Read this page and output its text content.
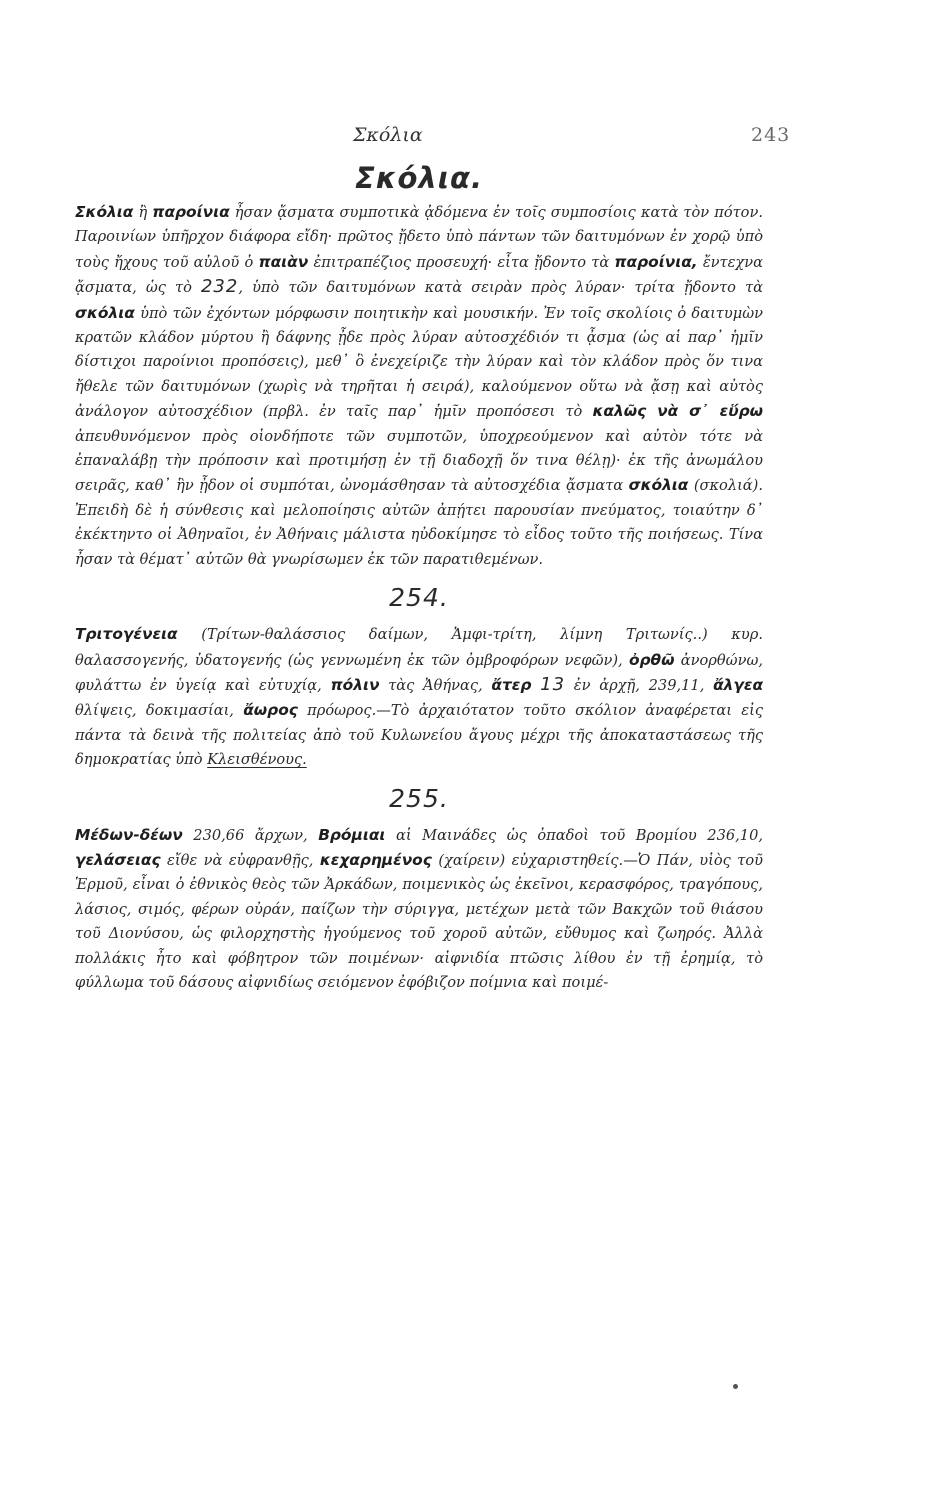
Σκόλια	243
Σκόλια.

Σκόλια ἢ παροίνια ἦσαν ᾄσματα συμποτικὰ ᾀδόμενα ἐν τοῖς συμποσίοις κατὰ τὸν πότον. Παροινίων ὑπῆρχον διάφορα εἴδη· πρῶτος ᾔδετο ὑπὸ πάντων τῶν δαιτυμόνων ἐν χορῷ ὑπὸ τοὺς ἤχους τοῦ αὐλοῦ ὁ παιὰν ἐπιτραπέζιος προσευχή· εἶτα ᾔδοντο τὰ παροίνια, ἔντεχνα ᾄσματα, ὡς τὸ 232, ὑπὸ τῶν δαιτυμόνων κατὰ σειρὰν πρὸς λύραν· τρίτα ᾔδοντο τὰ σκόλια ὑπὸ τῶν ἐχόντων μόρφωσιν ποιητικὴν καὶ μουσικήν. Ἐν τοῖς σκολίοις ὁ δαιτυμὼν κρατῶν κλάδον μύρτου ἢ δάφνης ᾖδε πρὸς λύραν αὐτοσχέδιόν τι ᾆσμα (ὡς αἱ παρ᾽ ἡμῖν δίστιχοι παροίνιοι προπόσεις), μεθ᾽ ὃ ἐνεχείριζε τὴν λύραν καὶ τὸν κλάδον πρὸς ὅν τινα ἤθελε τῶν δαιτυμόνων (χωρὶς νὰ τηρῆται ἡ σειρά), καλούμενον οὕτω νὰ ᾄσῃ καὶ αὐτὸς ἀνάλογον αὐτοσχέδιον (πρβλ. ἐν ταῖς παρ᾽ ἡμῖν προπόσεσι τὸ καλῶς νὰ σ᾽ εὕρω ἀπευθυνόμενον πρὸς οἱονδήποτε τῶν συμποτῶν, ὑποχρεούμενον καὶ αὐτὸν τότε νὰ ἐπαναλάβῃ τὴν πρόποσιν καὶ προτιμήσῃ ἐν τῇ διαδοχῇ ὅν τινα θέλῃ)· ἐκ τῆς ἀνωμάλου σειρᾶς, καθ᾽ ἣν ᾖδον οἱ συμπόται, ὠνομάσθησαν τὰ αὐτοσχέδια ᾄσματα σκόλια (σκολιά). Ἐπειδὴ δὲ ἡ σύνθεσις καὶ μελοποίησις αὐτῶν ἀπῄτει παρουσίαν πνεύματος, τοιαύτην δ᾽ ἐκέκτηντο οἱ Ἀθηναῖοι, ἐν Ἀθήναις μάλιστα ηὐδοκίμησε τὸ εἶδος τοῦτο τῆς ποιήσεως. Τίνα ἦσαν τὰ θέματ᾽ αὐτῶν θὰ γνωρίσωμεν ἐκ τῶν παρατιθεμένων.

254.

Τριτογένεια (Τρίτων-θαλάσσιος δαίμων, Ἀμφι-τρίτη, λίμνη Τριτωνίς..) κυρ. θαλασσογενής, ὑδατογενής (ὡς γεννωμένη ἐκ τῶν ὀμβροφόρων νεφῶν), ὀρθῶ ἀνορθώνω, φυλάττω ἐν ὑγείᾳ καὶ εὐτυχίᾳ, πόλιν τὰς Ἀθήνας, ἄτερ 13 ἐν ἀρχῇ, 239,11, ἄλγεα θλίψεις, δοκιμασίαι, ἄωρος πρόωρος.—Τὸ ἀρχαιότατον τοῦτο σκόλιον ἀναφέρεται εἰς πάντα τὰ δεινὰ τῆς πολιτείας ἀπὸ τοῦ Κυλωνείου ἄγους μέχρι τῆς ἀποκαταστάσεως τῆς δημοκρατίας ὑπὸ Κλεισθένους.

255.

Μέδων-δέων 230,66 ἄρχων, Βρόμιαι αἱ Μαινάδες ὡς ὀπαδοὶ τοῦ Βρομίου 236,10, γελάσειας εἴθε νὰ εὐφρανθῇς, κεχαρημένος (χαίρειν) εὐχαριστηθείς.—Ὁ Πάν, υἱὸς τοῦ Ἑρμοῦ, εἶναι ὁ ἐθνικὸς θεὸς τῶν Ἀρκάδων, ποιμενικὸς ὡς ἐκεῖνοι, κερασφόρος, τραγόπους, λάσιος, σιμός, φέρων οὐράν, παίζων τὴν σύριγγα, μετέχων μετὰ τῶν Βακχῶν τοῦ θιάσου τοῦ Διονύσου, ὡς φιλορχηστὴς ἡγούμενος τοῦ χοροῦ αὐτῶν, εὔθυμος καὶ ζωηρός. Ἀλλὰ πολλάκις ἦτο καὶ φόβητρον τῶν ποιμένων· αἰφνιδία πτῶσις λίθου ἐν τῇ ἐρημίᾳ, τὸ φύλλωμα τοῦ δάσους αἰφνιδίως σειόμενον ἐφόβιζον ποίμνια καὶ ποιμέ-
